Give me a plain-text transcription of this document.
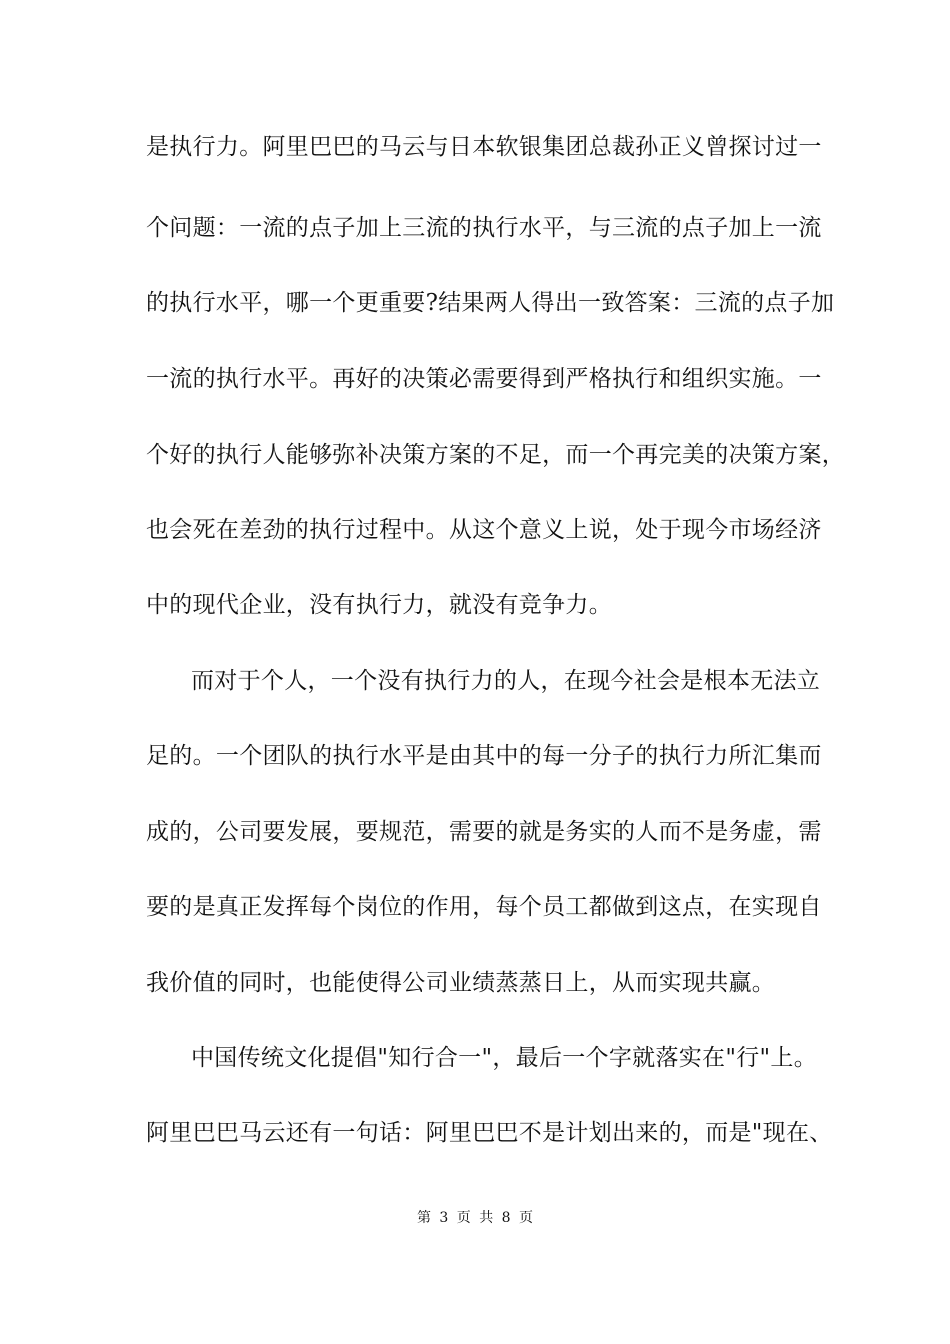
是执行力。阿里巴巴的马云与日本软银集团总裁孙正义曾探讨过一
个问题：一流的点子加上三流的执行水平，与三流的点子加上一流
的执行水平，哪一个更重要?结果两人得出一致答案：三流的点子加
一流的执行水平。再好的决策必需要得到严格执行和组织实施。一
个好的执行人能够弥补决策方案的不足，而一个再完美的决策方案，
也会死在差劲的执行过程中。从这个意义上说，处于现今市场经济
中的现代企业，没有执行力，就没有竞争力。
而对于个人，一个没有执行力的人，在现今社会是根本无法立
足的。一个团队的执行水平是由其中的每一分子的执行力所汇集而
成的，公司要发展，要规范，需要的就是务实的人而不是务虚，需
要的是真正发挥每个岗位的作用，每个员工都做到这点，在实现自
我价值的同时，也能使得公司业绩蒸蒸日上，从而实现共赢。
中国传统文化提倡"知行合一"，最后一个字就落实在"行"上。
阿里巴巴马云还有一句话：阿里巴巴不是计划出来的，而是"现在、
第 3 页 共 8 页
